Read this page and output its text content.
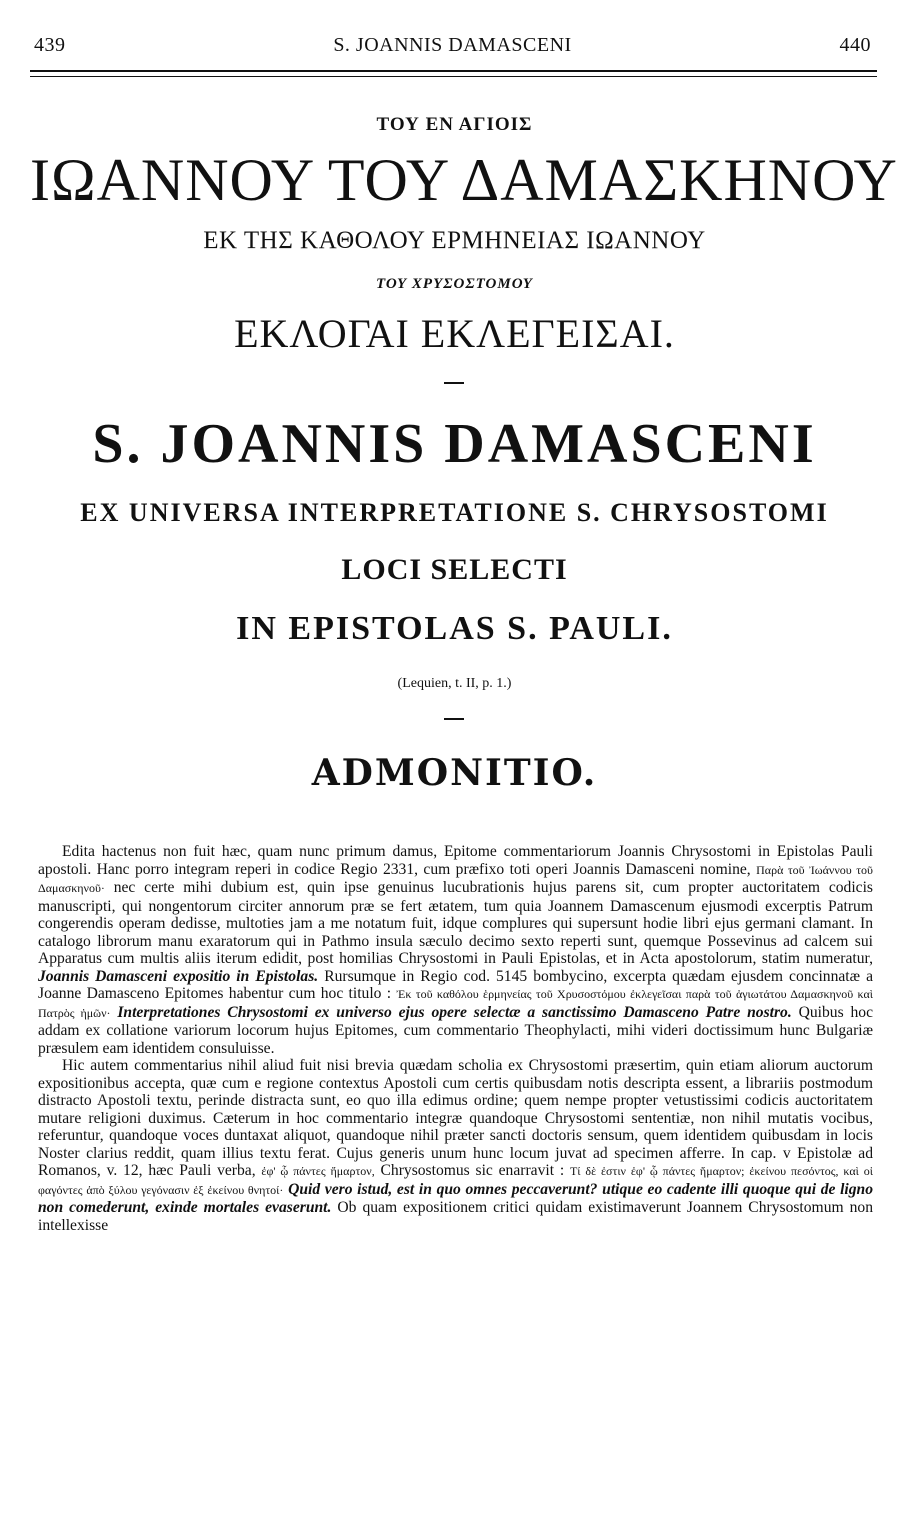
439	S. JOANNIS DAMASCENI	440
ΤΟΥ ΕΝ ΑΓΙΟΙΣ
ΙΩΑΝΝΟΥ ΤΟΥ ΔΑΜΑΣΚΗΝΟΥ
ΕΚ ΤΗΣ ΚΑΘΟΛΟΥ ΕΡΜΗΝΕΙΑΣ ΙΩΑΝΝΟΥ
ΤΟΥ ΧΡΥΣΟΣΤΟΜΟΥ
ΕΚΛΟΓΑΙ ΕΚΛΕΓΕΙΣΑΙ.
S. JOANNIS DAMASCENI
EX UNIVERSA INTERPRETATIONE S. CHRYSOSTOMI
LOCI SELECTI
IN EPISTOLAS S. PAULI.
(Lequien, t. II, p. 1.)
ADMONITIO.

Edita hactenus non fuit hæc, quam nunc primum damus, Epitome commentariorum Joannis Chrysostomi in Epistolas Pauli apostoli. Hanc porro integram reperi in codice Regio 2331, cum præfixo toti operi Joannis Damasceni nomine, Παρὰ τοῦ Ἰωάννου τοῦ Δαμασκηνοῦ· nec certe mihi dubium est, quin ipse genuinus lucubrationis hujus parens sit, cum propter auctoritatem codicis manuscripti, qui nongentorum circiter annorum præ se fert ætatem, tum quia Joannem Damascenum ejusmodi excerptis Patrum congerendis operam dedisse, multoties jam a me notatum fuit, idque complures qui supersunt hodie libri ejus germani clamant. In catalogo librorum manu exaratorum qui in Pathmo insula sæculo decimo sexto reperti sunt, quemque Possevinus ad calcem sui Apparatus cum multis aliis iterum edidit, post homilias Chrysostomi in Pauli Epistolas, et in Acta apostolorum, statim numeratur, Joannis Damasceni expositio in Epistolas. Rursumque in Regio cod. 5145 bombycino, excerpta quædam ejusdem concinnatæ a Joanne Damasceno Epitomes habentur cum hoc titulo : Ἐκ τοῦ καθόλου ἑρμηνείας τοῦ Χρυσοστόμου ἐκλεγεῖσαι παρὰ τοῦ ἁγιωτάτου Δαμασκηνοῦ καὶ Πατρὸς ἡμῶν· Interpretationes Chrysostomi ex universo ejus opere selectæ a sanctissimo Damasceno Patre nostro. Quibus hoc addam ex collatione variorum locorum hujus Epitomes, cum commentario Theophylacti, mihi videri doctissimum hunc Bulgariæ præsulem eam identidem consuluisse.

Hic autem commentarius nihil aliud fuit nisi brevia quædam scholia ex Chrysostomi præsertim, quin etiam aliorum auctorum expositionibus accepta, quæ cum e regione contextus Apostoli cum certis quibusdam notis descripta essent, a librariis postmodum distracto Apostoli textu, perinde distracta sunt, eo quo illa edimus ordine; quem nempe propter vetustissimi codicis auctoritatem mutare religioni duximus. Cæterum in hoc commentario integræ quandoque Chrysostomi sententiæ, non nihil mutatis vocibus, referuntur, quandoque voces duntaxat aliquot, quandoque nihil præter sancti doctoris sensum, quem identidem quibusdam in locis Noster clarius reddit, quam illius textu ferat. Cujus generis unum hunc locum juvat ad specimen afferre. In cap. v Epistolæ ad Romanos, v. 12, hæc Pauli verba, ἐφ' ᾧ πάντες ἥμαρτον, Chrysostomus sic enarravit : Τί δὲ ἐστιν ἐφ' ᾧ πάντες ἥμαρτον; ἐκείνου πεσόντος, καὶ οἱ φαγόντες ἀπὸ ξύλου γεγόνασιν ἐξ ἐκείνου θνητοί· Quid vero istud, est in quo omnes peccaverunt? utique eo cadente illi quoque qui de ligno non comederunt, exinde mortales evaserunt. Ob quam expositionem critici quidam existimaverunt Joannem Chrysostomum non intellexisse
